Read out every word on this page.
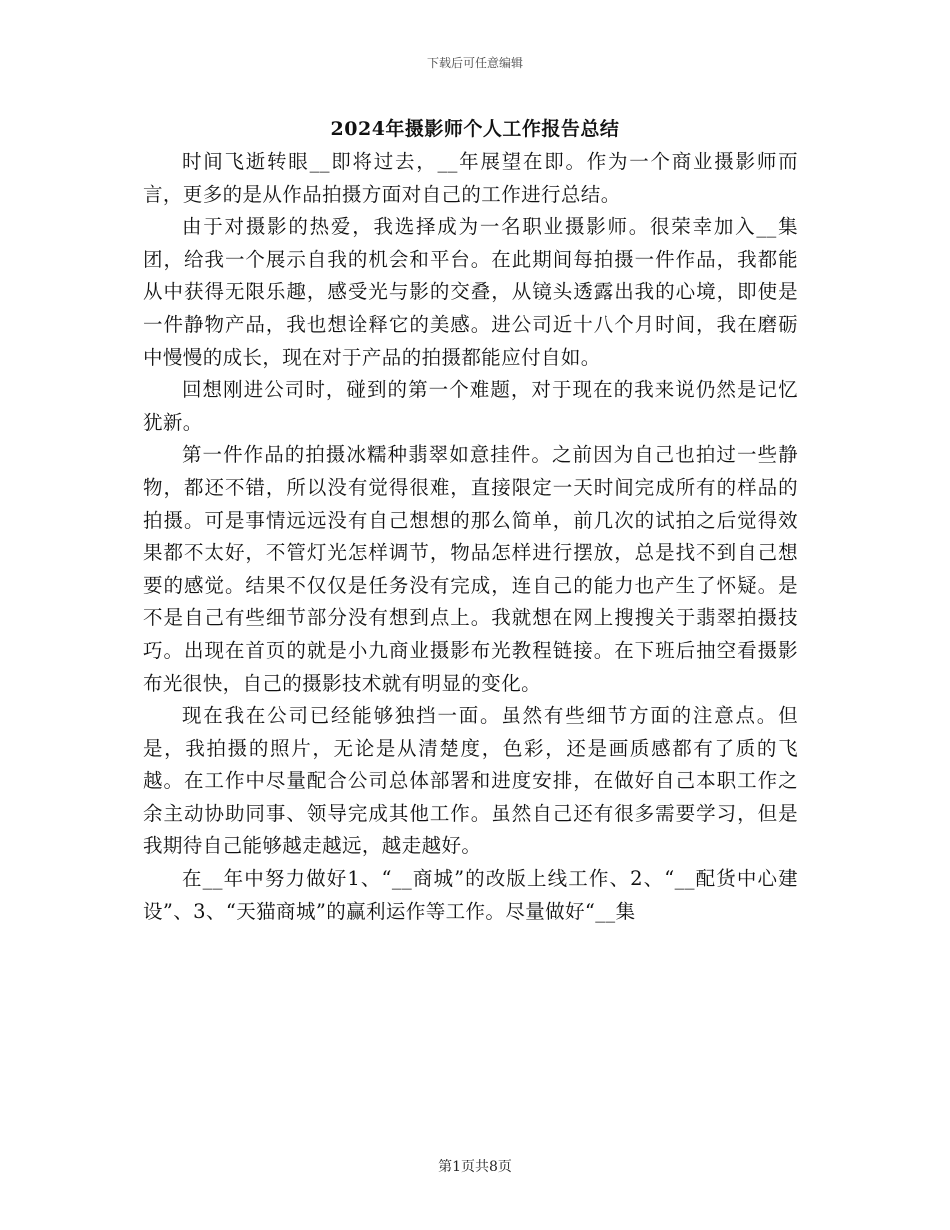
下载后可任意编辑
2024年摄影师个人工作报告总结

时间飞逝转眼__即将过去，__年展望在即。作为一个商业摄影师而言，更多的是从作品拍摄方面对自己的工作进行总结。

由于对摄影的热爱，我选择成为一名职业摄影师。很荣幸加入__集团，给我一个展示自我的机会和平台。在此期间每拍摄一件作品，我都能从中获得无限乐趣，感受光与影的交叠，从镜头透露出我的心境，即使是一件静物产品，我也想诠释它的美感。进公司近十八个月时间，我在磨砺中慢慢的成长，现在对于产品的拍摄都能应付自如。

回想刚进公司时，碰到的第一个难题，对于现在的我来说仍然是记忆犹新。

第一件作品的拍摄冰糯种翡翠如意挂件。之前因为自己也拍过一些静物，都还不错，所以没有觉得很难，直接限定一天时间完成所有的样品的拍摄。可是事情远远没有自己想想的那么简单，前几次的试拍之后觉得效果都不太好，不管灯光怎样调节，物品怎样进行摆放，总是找不到自己想要的感觉。结果不仅仅是任务没有完成，连自己的能力也产生了怀疑。是不是自己有些细节部分没有想到点上。我就想在网上搜搜关于翡翠拍摄技巧。出现在首页的就是小九商业摄影布光教程链接。在下班后抽空看摄影布光很快，自己的摄影技术就有明显的变化。

现在我在公司已经能够独挡一面。虽然有些细节方面的注意点。但是，我拍摄的照片，无论是从清楚度，色彩，还是画质感都有了质的飞越。在工作中尽量配合公司总体部署和进度安排，在做好自己本职工作之余主动协助同事、领导完成其他工作。虽然自己还有很多需要学习，但是我期待自己能够越走越远，越走越好。

在__年中努力做好1、“__商城”的改版上线工作、2、“__配货中心建设”、3、“天猫商城”的赢利运作等工作。尽量做好“__集

第1页共8页
